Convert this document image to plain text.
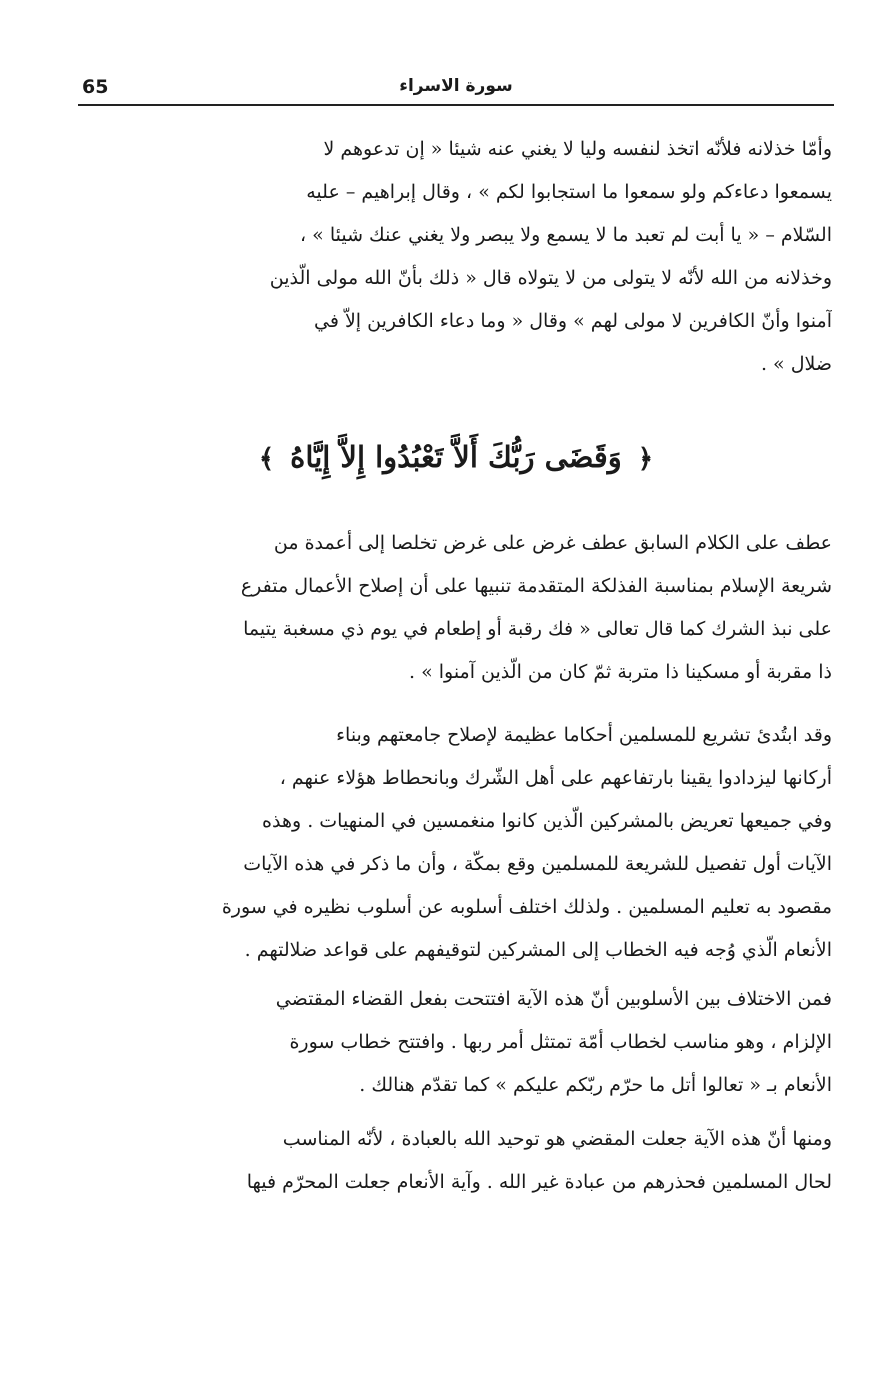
65	سورة الاسراء
وأمّا خذلانه فلأنّه اتخذ لنفسه وليا لا يغني عنه شيئا « إن تدعوهم لا
يسمعوا دعاءكم ولو سمعوا ما استجابوا لكم » ، وقال إبراهيم – عليه
السّلام – « يا أبت لم تعبد ما لا يسمع ولا يبصر ولا يغني عنك شيئا » ،
وخذلانه من الله لأنّه لا يتولى من لا يتولاه قال « ذلك بأنّ الله مولى الّذين
آمنوا وأنّ الكافرين لا مولى لهم » وقال « وما دعاء الكافرين إلاّ في
ضلال » .
﴿ وَقَضَى رَبُّكَ أَلاَّ تَعْبُدُوا إِلاَّ إِيَّاهُ ﴾
عطف على الكلام السابق عطف غرض على غرض تخلصا إلى أعمدة من
شريعة الإسلام بمناسبة الفذلكة المتقدمة تنبيها على أن إصلاح الأعمال متفرع
على نبذ الشرك كما قال تعالى « فك رقبة أو إطعام في يوم ذي مسغبة يتيما
ذا مقربة أو مسكينا ذا متربة ثمّ كان من الّذين آمنوا » .
وقد ابتُدئ تشريع للمسلمين أحكاما عظيمة لإصلاح جامعتهم وبناء
أركانها ليزدادوا يقينا بارتفاعهم على أهل الشّرك وبانحطاط هؤلاء عنهم ،
وفي جميعها تعريض بالمشركين الّذين كانوا منغمسين في المنهيات . وهذه
الآيات أول تفصيل للشريعة للمسلمين وقع بمكّة ، وأن ما ذكر في هذه الآيات
مقصود به تعليم المسلمين . ولذلك اختلف أسلوبه عن أسلوب نظيره في سورة
الأنعام الّذي وُجه فيه الخطاب إلى المشركين لتوقيفهم على قواعد ضلالتهم .
فمن الاختلاف بين الأسلوبين أنّ هذه الآية افتتحت بفعل القضاء المقتضي
الإلزام ، وهو مناسب لخطاب أمّة تمتثل أمر ربها . وافتتح خطاب سورة
الأنعام بـ « تعالوا أتل ما حرّم ربّكم عليكم » كما تقدّم هنالك .
ومنها أنّ هذه الآية جعلت المقضي هو توحيد الله بالعبادة ، لأنّه المناسب
لحال المسلمين فحذرهم من عبادة غير الله . وآية الأنعام جعلت المحرّم فيها
